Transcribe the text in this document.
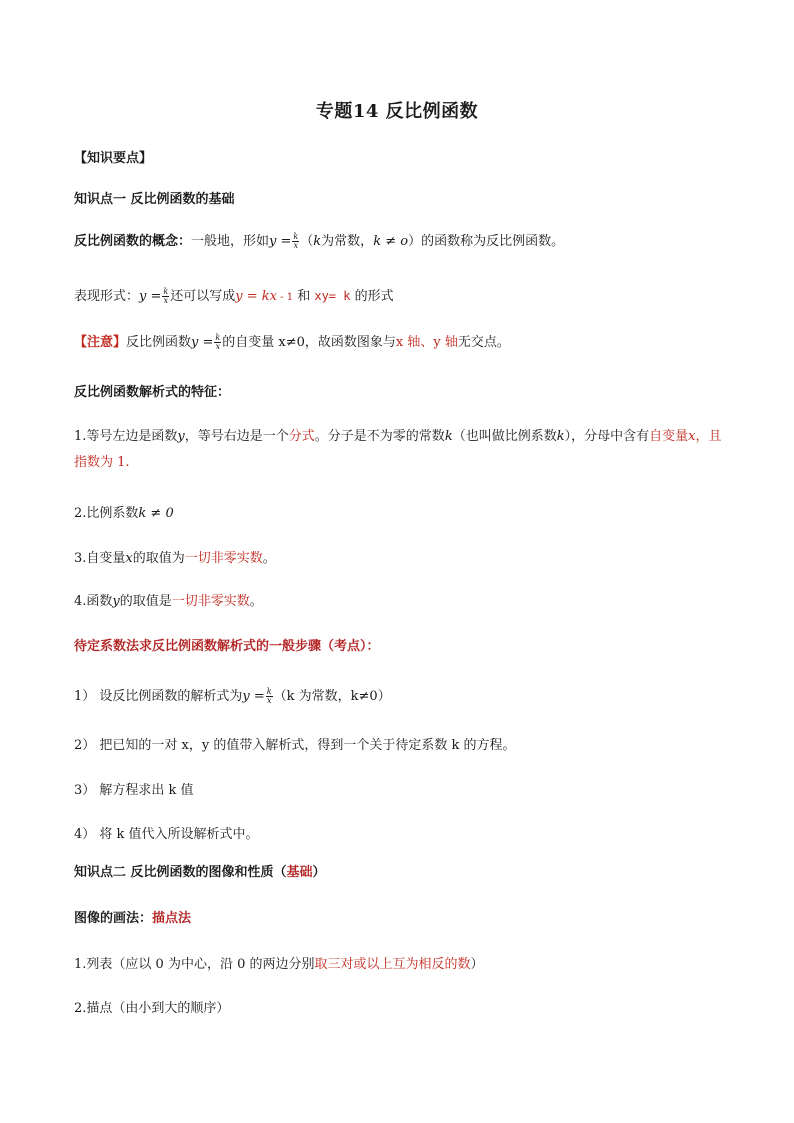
专题14 反比例函数
【知识要点】
知识点一 反比例函数的基础
反比例函数的概念：一般地，形如$y = \frac{k}{x} (k$为常数，k ≠ o）的函数称为反比例函数。
表现形式：$y = \frac{k}{x}$ 还可以写成y = kx - 1 和 xy= k 的形式
【注意】反比例函数$y = \frac{k}{x}$ 的自变量 x≠0，故函数图象与x 轴、y 轴无交点。
反比例函数解析式的特征：
1.等号左边是函数y，等号右边是一个分式。分子是不为零的常数k（也叫做比例系数k），分母中含有自变量x，且指数为 1.
2.比例系数k ≠ 0
3.自变量x的取值为一切非零实数。
4.函数y的取值是一切非零实数。
待定系数法求反比例函数解析式的一般步骤（考点）：
1） 设反比例函数的解析式为$y = \frac{k}{x} (k$ 为常数，k≠0）
2） 把已知的一对 x，y 的值带入解析式，得到一个关于待定系数 k 的方程。
3） 解方程求出 k 值
4） 将 k 值代入所设解析式中。
知识点二 反比例函数的图像和性质（基础）
图像的画法：描点法
1.列表（应以 0 为中心，沿 0 的两边分别取三对或以上互为相反的数）
2.描点（由小到大的顺序）
